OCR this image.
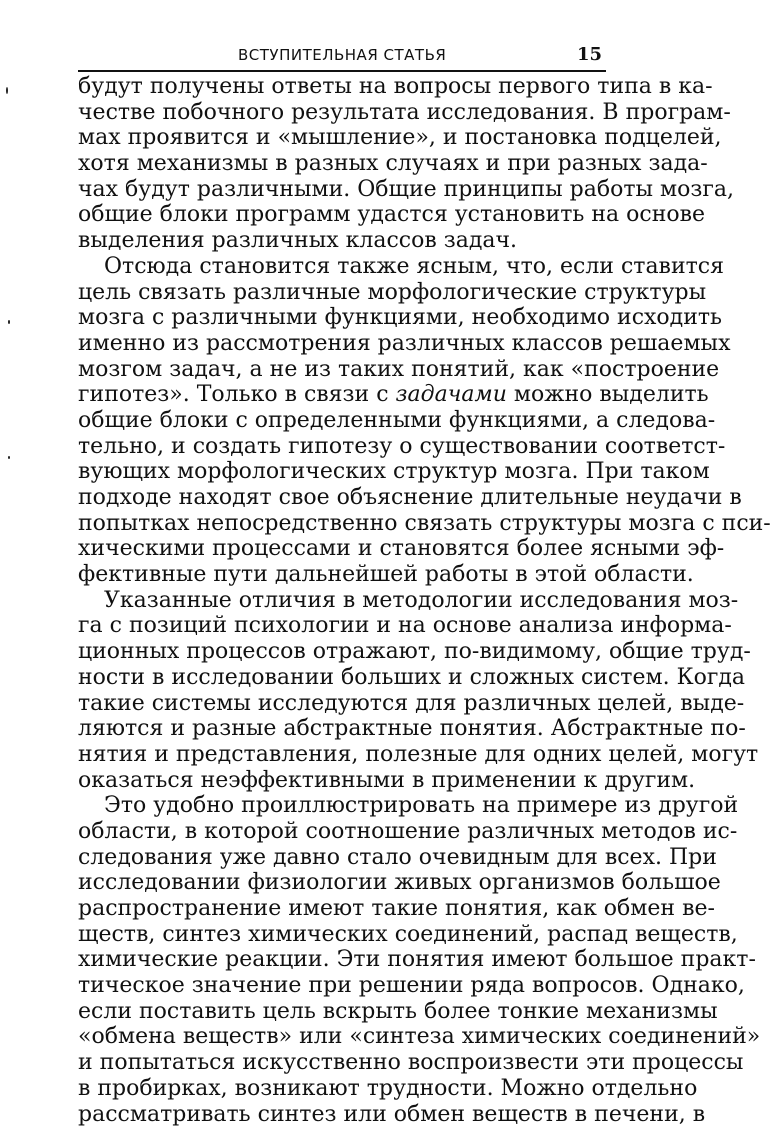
ВСТУПИТЕЛЬНАЯ СТАТЬЯ	15
будут получены ответы на вопросы первого типа в ка-
честве побочного результата исследования. В програм-
мах проявится и «мышление», и постановка подцелей,
хотя механизмы в разных случаях и при разных зада-
чах будут различными. Общие принципы работы мозга,
общие блоки программ удастся установить на основе
выделения различных классов задач.
Отсюда становится также ясным, что, если ставится
цель связать различные морфологические структуры
мозга с различными функциями, необходимо исходить
именно из рассмотрения различных классов решаемых
мозгом задач, а не из таких понятий, как «построение
гипотез». Только в связи с задачами можно выделить
общие блоки с определенными функциями, а следова-
тельно, и создать гипотезу о существовании соответст-
вующих морфологических структур мозга. При таком
подходе находят свое объяснение длительные неудачи в
попытках непосредственно связать структуры мозга с пси-
хическими процессами и становятся более ясными эф-
фективные пути дальнейшей работы в этой области.
Указанные отличия в методологии исследования моз-
га с позиций психологии и на основе анализа информа-
ционных процессов отражают, по-видимому, общие труд-
ности в исследовании больших и сложных систем. Когда
такие системы исследуются для различных целей, выде-
ляются и разные абстрактные понятия. Абстрактные по-
нятия и представления, полезные для одних целей, могут
оказаться неэффективными в применении к другим.
Это удобно проиллюстрировать на примере из другой
области, в которой соотношение различных методов ис-
следования уже давно стало очевидным для всех. При
исследовании физиологии живых организмов большое
распространение имеют такие понятия, как обмен ве-
ществ, синтез химических соединений, распад веществ,
химические реакции. Эти понятия имеют большое практ-
тическое значение при решении ряда вопросов. Однако,
если поставить цель вскрыть более тонкие механизмы
«обмена веществ» или «синтеза химических соединений»
и попытаться искусственно воспроизвести эти процессы
в пробирках, возникают трудности. Можно отдельно
рассматривать синтез или обмен веществ в печени, в
